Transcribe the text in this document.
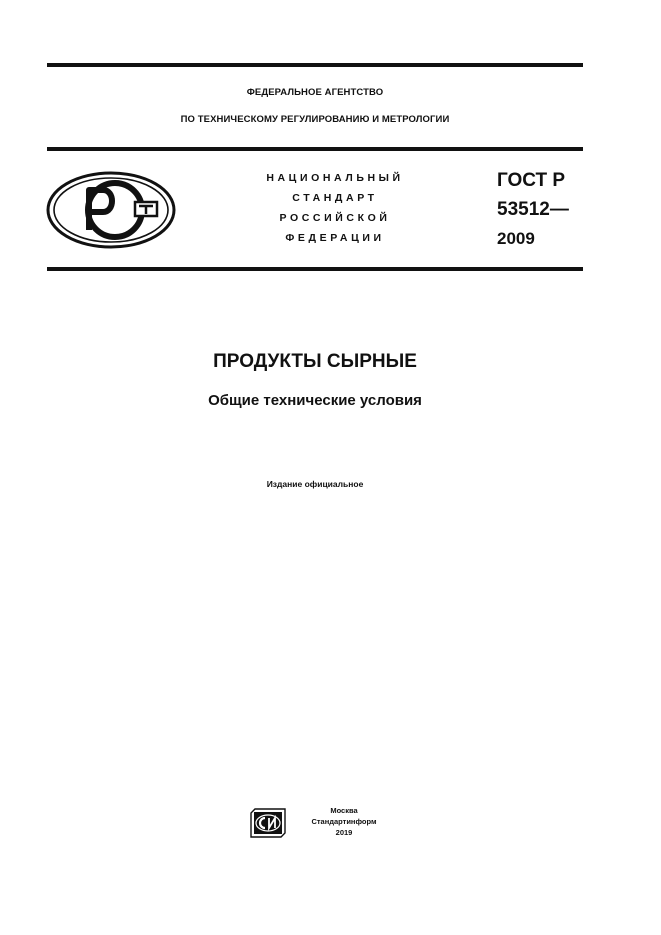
ФЕДЕРАЛЬНОЕ АГЕНТСТВО
ПО ТЕХНИЧЕСКОМУ РЕГУЛИРОВАНИЮ И МЕТРОЛОГИИ
НАЦИОНАЛЬНЫЙ
СТАНДАРТ
РОССИЙСКОЙ
ФЕДЕРАЦИИ
ГОСТ Р
53512—
2009
ПРОДУКТЫ СЫРНЫЕ
Общие технические условия
Издание официальное
Москва
Стандартинформ
2019
